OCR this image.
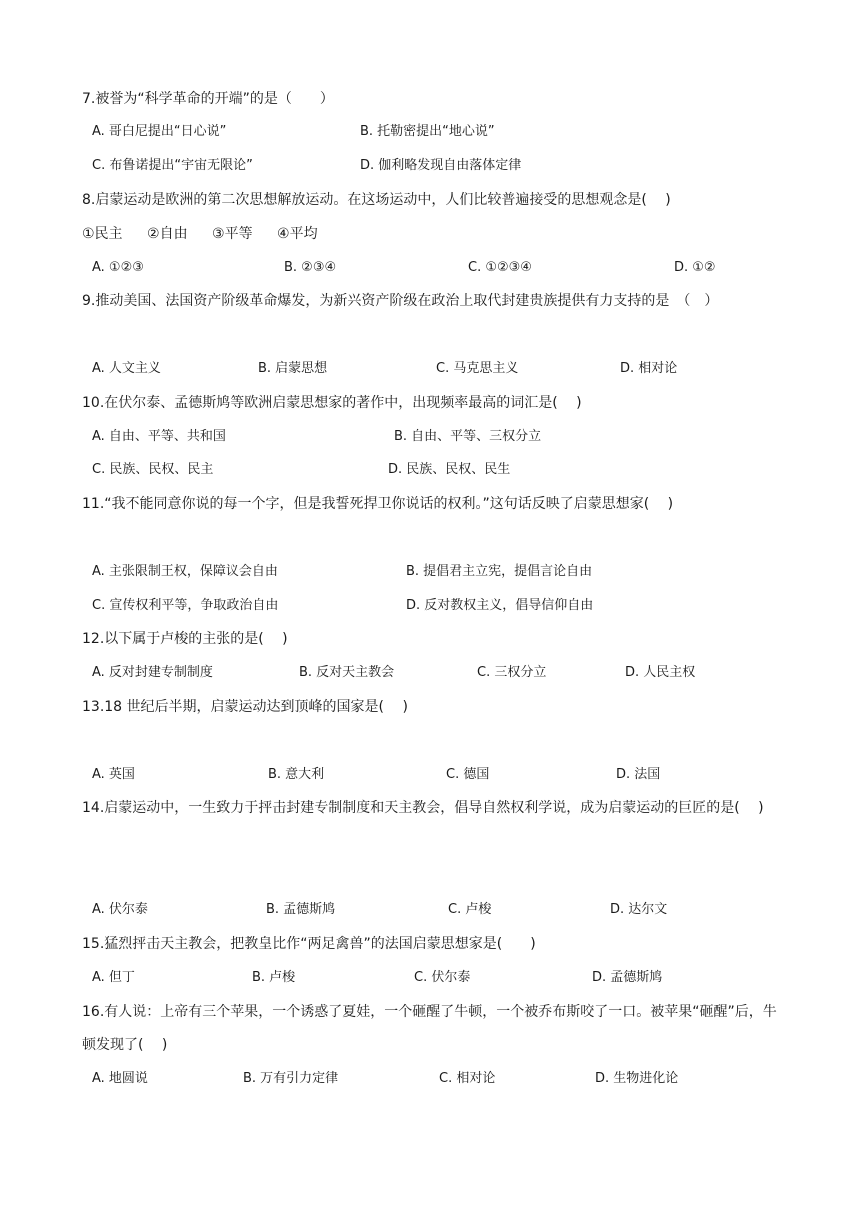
7.被誉为“科学革命的开端”的是（　　）
A. 哥白尼提出“日心说”	B. 托勒密提出“地心说”
C. 布鲁诺提出“宇宙无限论”	D. 伽利略发现自由落体定律
8.启蒙运动是欧洲的第二次思想解放运动。在这场运动中，人们比较普遍接受的思想观念是(　 )
①民主 ②自由 ③平等 ④平均
A. ①②③	B. ②③④	C. ①②③④	D. ①②
9.推动美国、法国资产阶级革命爆发，为新兴资产阶级在政治上取代封建贵族提供有力支持的是　（　）
A. 人文主义	B. 启蒙思想	C. 马克思主义	D. 相对论
10.在伏尔泰、孟德斯鸠等欧洲启蒙思想家的著作中，出现频率最高的词汇是(　 )
A. 自由、平等、共和国	B. 自由、平等、三权分立
C. 民族、民权、民主	D. 民族、民权、民生
11.“我不能同意你说的每一个字，但是我誓死捍卫你说话的权利。”这句话反映了启蒙思想家(　 )
A. 主张限制王权，保障议会自由	B. 提倡君主立宪，提倡言论自由
C. 宣传权利平等，争取政治自由	D. 反对教权主义，倡导信仰自由
12.以下属于卢梭的主张的是(　 )
A. 反对封建专制制度	B. 反对天主教会	C. 三权分立	D. 人民主权
13.18 世纪后半期，启蒙运动达到顶峰的国家是(　 )
A. 英国	B. 意大利	C. 德国	D. 法国
14.启蒙运动中，一生致力于抨击封建专制制度和天主教会，倡导自然权利学说，成为启蒙运动的巨匠的是(　 )
A. 伏尔泰	B. 孟德斯鸠	C. 卢梭	D. 达尔文
15.猛烈抨击天主教会，把教皇比作“两足禽兽”的法国启蒙思想家是(　　)
A. 但丁	B. 卢梭	C. 伏尔泰	D. 孟德斯鸠
16.有人说：上帝有三个苹果，一个诱惑了夏娃，一个砸醒了牛顿，一个被乔布斯咬了一口。被苹果“砸醒”后，牛顿发现了(　 )
A. 地圆说	B. 万有引力定律	C. 相对论	D. 生物进化论
